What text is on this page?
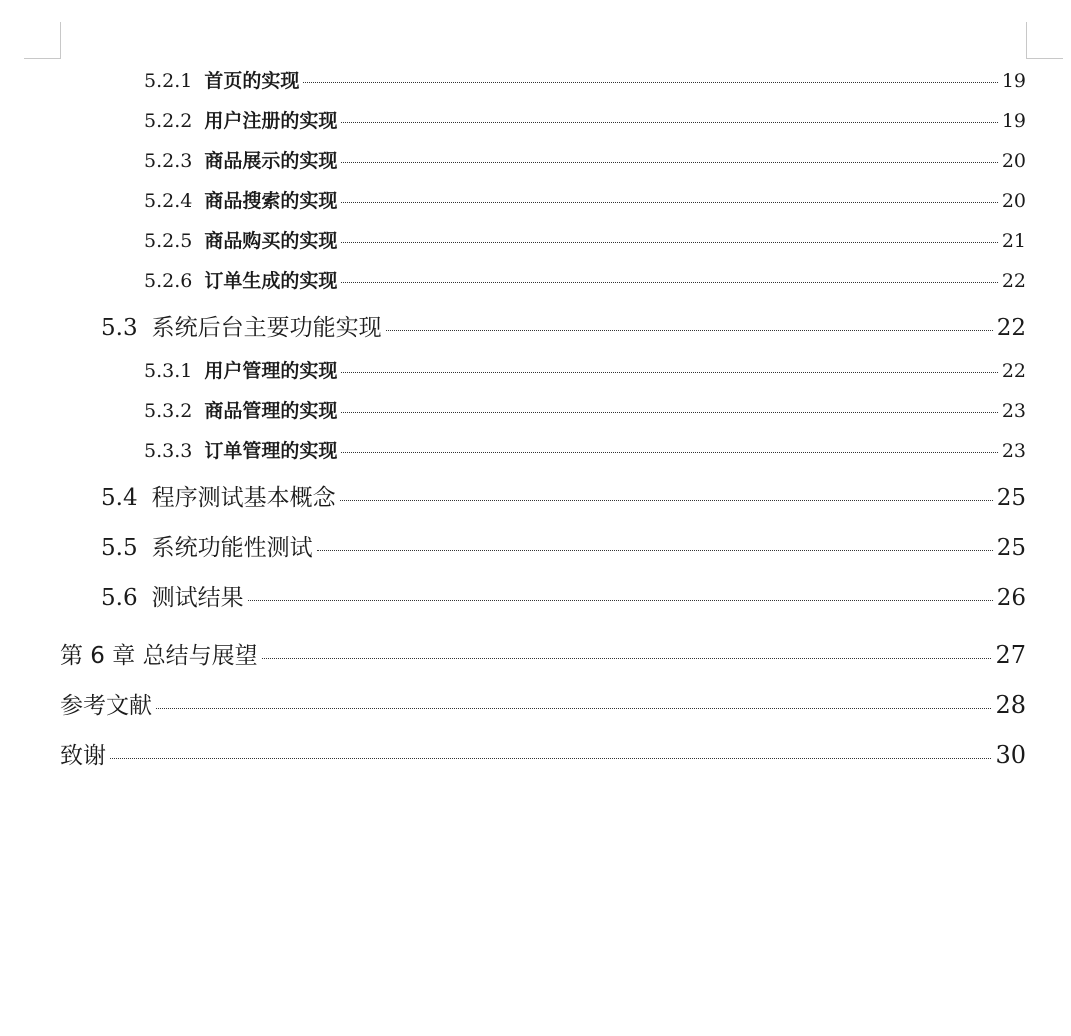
5.2.1 首页的实现	19
5.2.2 用户注册的实现	19
5.2.3 商品展示的实现	20
5.2.4 商品搜索的实现	20
5.2.5 商品购买的实现	21
5.2.6 订单生成的实现	22
5.3 系统后台主要功能实现	22
5.3.1 用户管理的实现	22
5.3.2 商品管理的实现	23
5.3.3 订单管理的实现	23
5.4 程序测试基本概念	25
5.5 系统功能性测试	25
5.6 测试结果	26
第 6 章 总结与展望	27
参考文献	28
致谢	30
